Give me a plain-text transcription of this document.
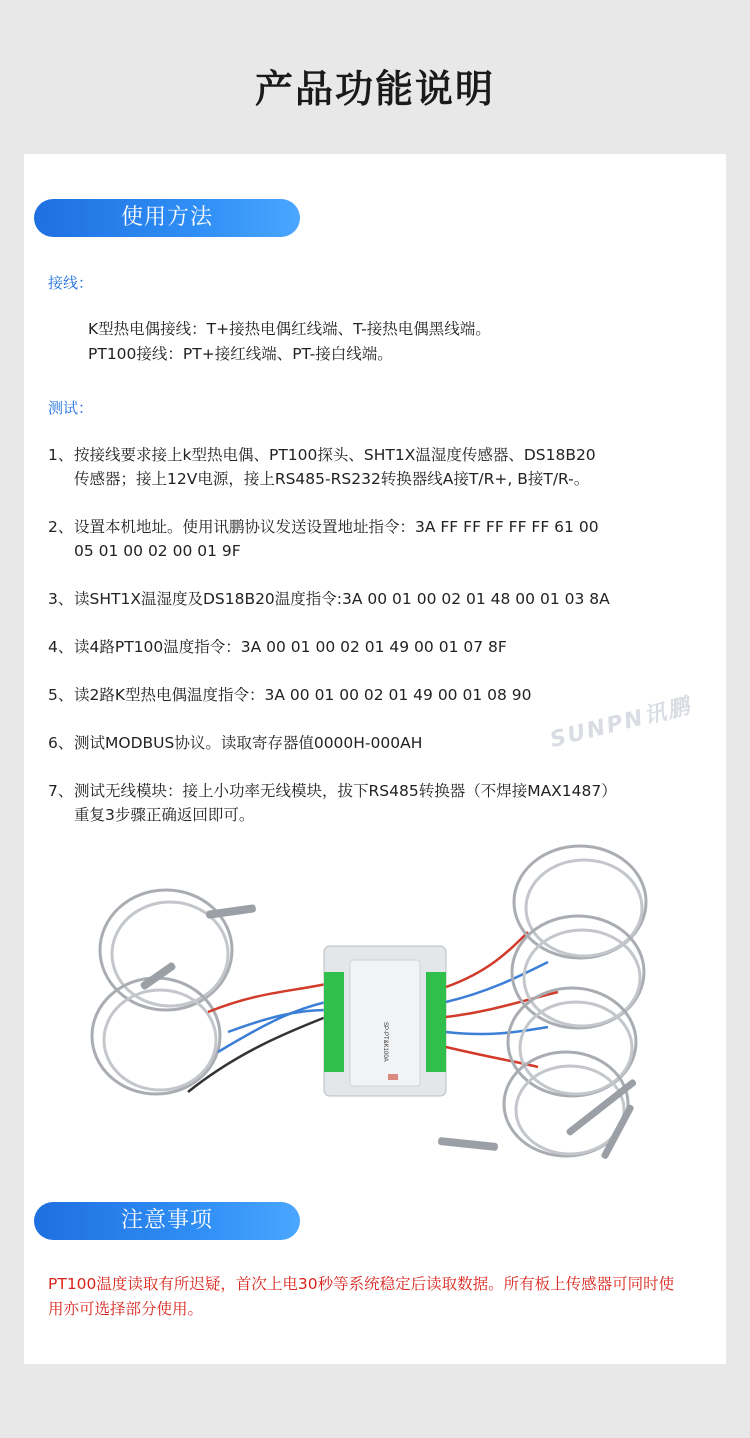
产品功能说明
使用方法
接线：
K型热电偶接线：T+接热电偶红线端、T-接热电偶黑线端。
PT100接线：PT+接红线端、PT-接白线端。
测试：
1、 按接线要求接上k型热电偶、PT100探头、SHT1X温湿度传感器、DS18B20
传感器；接上12V电源，接上RS485-RS232转换器线A接T/R+, B接T/R-。
2、 设置本机地址。使用讯鹏协议发送设置地址指令：3A FF FF FF FF FF 61 00
05 01 00 02 00 01 9F
3、 读SHT1X温湿度及DS18B20温度指令:3A 00 01 00 02 01 48 00 01 03 8A
4、 读4路PT100温度指令：3A 00 01 00 02 01 49 00 01 07 8F
5、 读2路K型热电偶温度指令：3A 00 01 00 02 01 49 00 01 08 90
6、 测试MODBUS协议。读取寄存器值0000H-000AH
7、 测试无线模块：接上小功率无线模块，拔下RS485转换器（不焊接MAX1487）
重复3步骤正确返回即可。
SUNPN讯鹏
SP-PT&K100A
注意事项
PT100温度读取有所迟疑，首次上电30秒等系统稳定后读取数据。所有板上传感器可同时使用亦可选择部分使用。
